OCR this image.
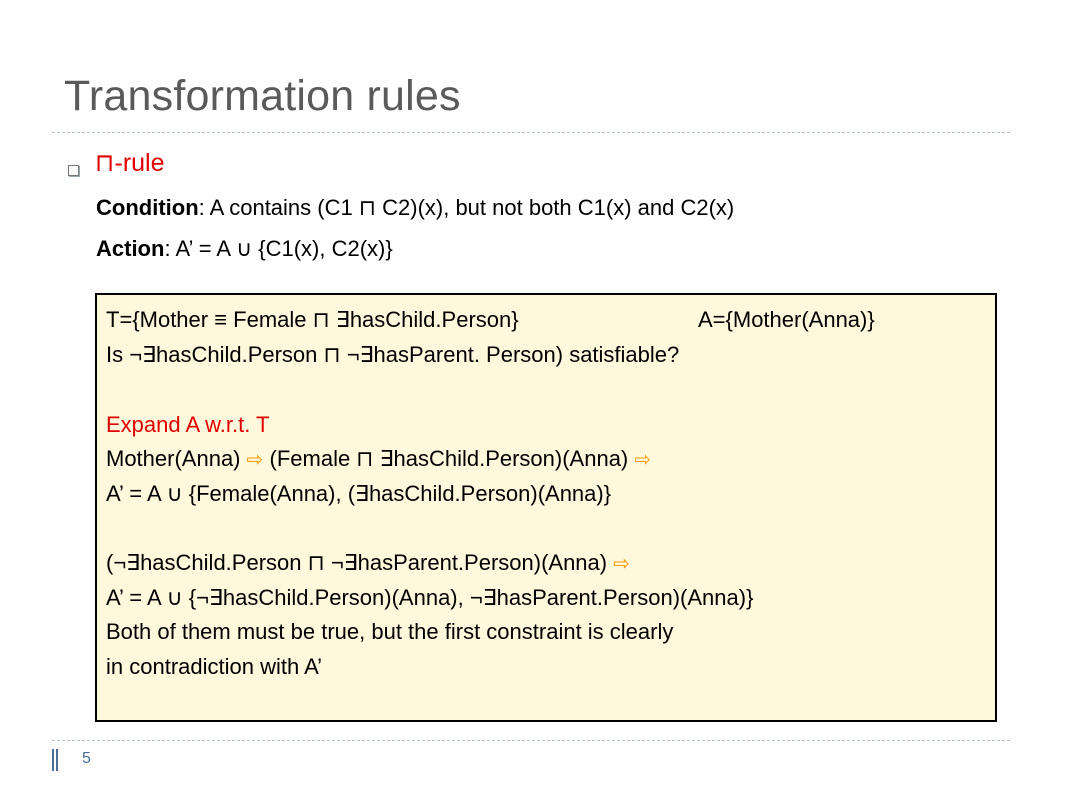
Transformation rules
⊓-rule
Condition: A contains (C1 ⊓ C2)(x), but not both C1(x) and C2(x)
Action: A’ = A ∪ {C1(x), C2(x)}
T={Mother ≡ Female ⊓ ∃hasChild.Person}	A={Mother(Anna)}
Is ¬∃hasChild.Person ⊓ ¬∃hasParent. Person) satisfiable?
Expand A w.r.t. T
Mother(Anna) ⇨ (Female ⊓ ∃hasChild.Person)(Anna) ⇨
A’ = A ∪ {Female(Anna), (∃hasChild.Person)(Anna)}
(¬∃hasChild.Person ⊓ ¬∃hasParent.Person)(Anna) ⇨
A’ = A ∪ {¬∃hasChild.Person)(Anna), ¬∃hasParent.Person)(Anna)}
Both of them must be true, but the first constraint is clearly
in contradiction with A’
5
